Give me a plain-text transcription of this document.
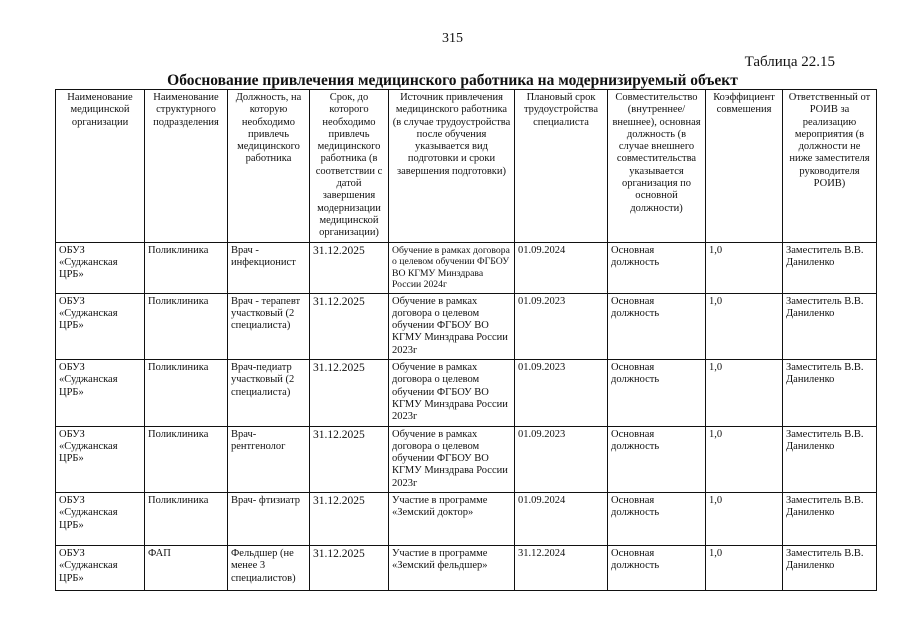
315
Таблица 22.15
Обоснование привлечения медицинского работника на модернизируемый объект
Наименование медицинской организации	Наименование структурного подразделения	Должность, на которую необходимо привлечь медицинского работника	Срок, до которого необходимо привлечь медицинского работника (в соответствии с датой завершения модернизации медицинской организации)	Источник привлечения медицинского работника (в случае трудоустройства после обучения указывается вид подготовки и сроки завершения подготовки)	Плановый срок трудоустройства специалиста	Совместительство (внутреннее/внешнее), основная должность (в случае внешнего совместительства указывается организация по основной должности)	Коэффициент совмешения	Ответственный от РОИВ за реализацию мероприятия (в должности не ниже заместителя руководителя РОИВ)
ОБУЗ «Суджанская ЦРБ»	Поликлиника	Врач - инфекционист	31.12.2025	Обучение в рамках договора о целевом обучении ФГБОУ ВО КГМУ Минздрава России 2024г	01.09.2024	Основная должность	1,0	Заместитель В.В. Даниленко
ОБУЗ «Суджанская ЦРБ»	Поликлиника	Врач - терапевт участковый (2 специалиста)	31.12.2025	Обучение в рамках договора о целевом обучении ФГБОУ ВО КГМУ Минздрава России 2023г	01.09.2023	Основная должность	1,0	Заместитель В.В. Даниленко
ОБУЗ «Суджанская ЦРБ»	Поликлиника	Врач-педиатр участковый (2 специалиста)	31.12.2025	Обучение в рамках договора о целевом обучении ФГБОУ ВО КГМУ Минздрава России 2023г	01.09.2023	Основная должность	1,0	Заместитель В.В. Даниленко
ОБУЗ «Суджанская ЦРБ»	Поликлиника	Врач-рентгенолог	31.12.2025	Обучение в рамках договора о целевом обучении ФГБОУ ВО КГМУ Минздрава России 2023г	01.09.2023	Основная должность	1,0	Заместитель В.В. Даниленко
ОБУЗ «Суджанская ЦРБ»	Поликлиника	Врач- фтизиатр	31.12.2025	Участие в программе «Земский доктор»	01.09.2024	Основная должность	1,0	Заместитель В.В. Даниленко
ОБУЗ «Суджанская ЦРБ»	ФАП	Фельдшер (не менее 3 специалистов)	31.12.2025	Участие в программе «Земский фельдшер»	31.12.2024	Основная должность	1,0	Заместитель В.В. Даниленко
